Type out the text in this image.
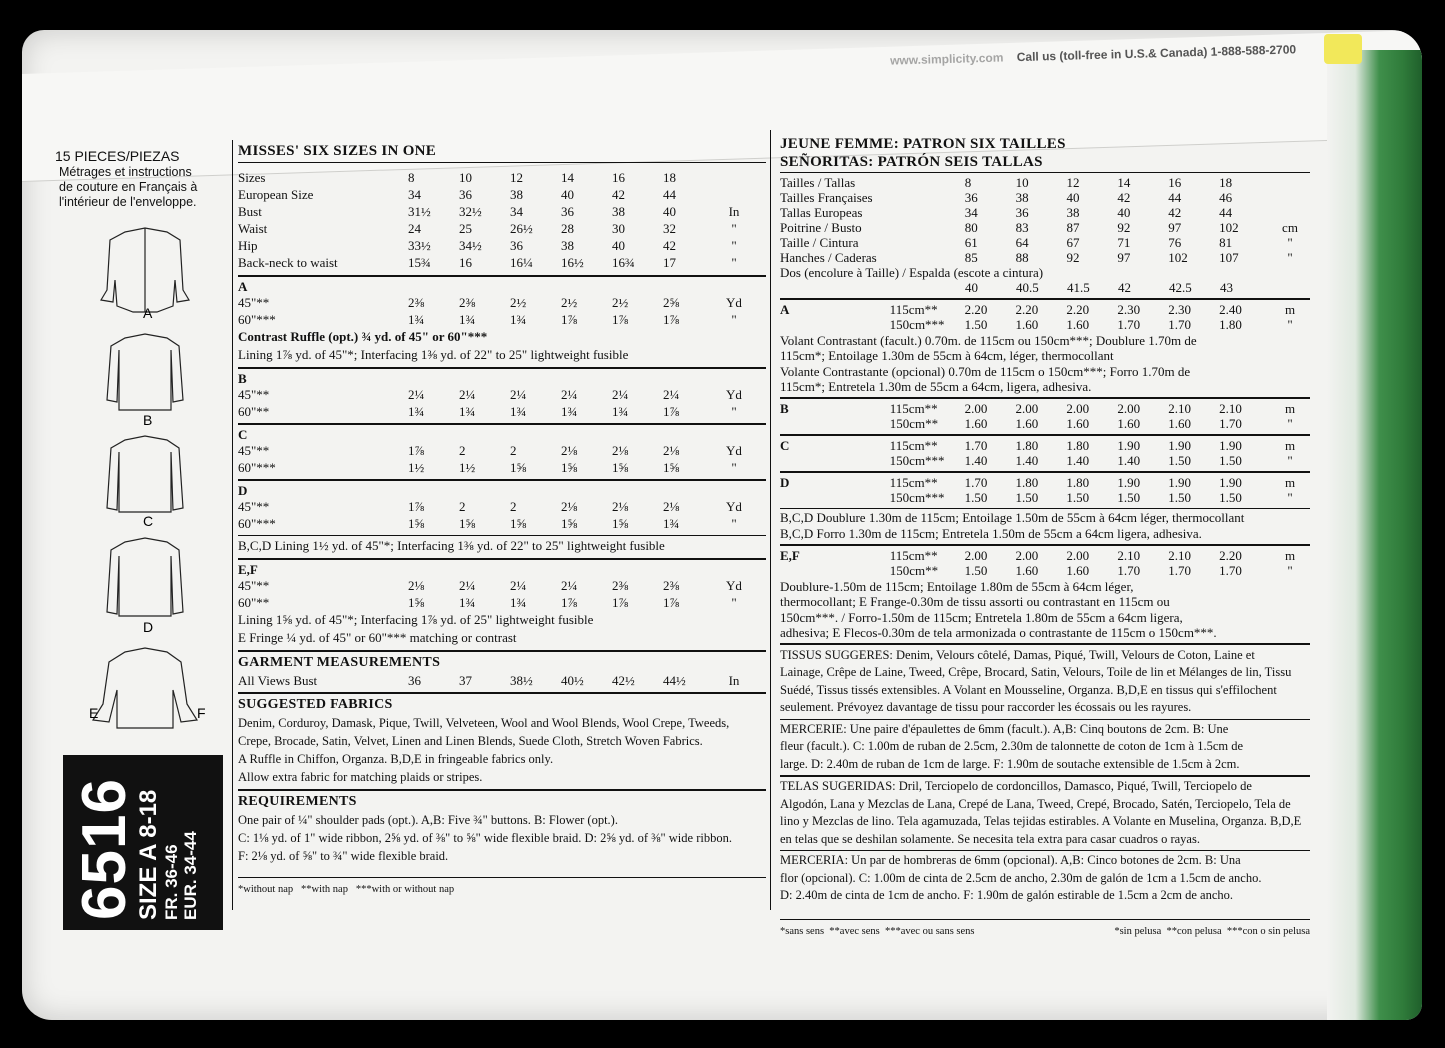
www.simplicity.com Call us (toll-free in U.S.& Canada) 1-888-588-2700
15 PIECES/PIEZAS
Métrages et instructions
de couture en Français à
l'intérieur de l'enveloppe.
A
B
C
D
E	F
6516
SIZE A 8-18 FR. 36-46 EUR. 34-44
MISSES' SIX SIZES IN ONE
Sizes	8	10	12	14	16	18	
European Size	34	36	38	40	42	44	
Bust	31½	32½	34	36	38	40	In
Waist	24	25	26½	28	30	32	"
Hip	33½	34½	36	38	40	42	"
Back-neck to waist	15¾	16	16¼	16½	16¾	17	"
A
45"**	2⅜	2⅜	2½	2½	2½	2⅝	Yd
60"***	1¾	1¾	1¾	1⅞	1⅞	1⅞	"
Contrast Ruffle (opt.) ¾ yd. of 45" or 60"***
Lining 1⅞ yd. of 45"*; Interfacing 1⅜ yd. of 22" to 25" lightweight fusible
B
45"**	2¼	2¼	2¼	2¼	2¼	2¼	Yd
60"**	1¾	1¾	1¾	1¾	1¾	1⅞	"
C
45"**	1⅞	2	2	2⅛	2⅛	2⅛	Yd
60"***	1½	1½	1⅝	1⅝	1⅝	1⅝	"
D
45"**	1⅞	2	2	2⅛	2⅛	2⅛	Yd
60"***	1⅝	1⅝	1⅝	1⅝	1⅝	1¾	"
B,C,D Lining 1½ yd. of 45"*; Interfacing 1⅜ yd. of 22" to 25" lightweight fusible
E,F
45"**	2⅛	2¼	2¼	2¼	2⅜	2⅜	Yd
60"**	1⅝	1¾	1¾	1⅞	1⅞	1⅞	"
Lining 1⅝ yd. of 45"*; Interfacing 1⅞ yd. of 25" lightweight fusible
E Fringe ¼ yd. of 45" or 60"*** matching or contrast
GARMENT MEASUREMENTS
All Views Bust	36	37	38½	40½	42½	44½	In
SUGGESTED FABRICS
Denim, Corduroy, Damask, Pique, Twill, Velveteen, Wool and Wool Blends, Wool Crepe, Tweeds,
Crepe, Brocade, Satin, Velvet, Linen and Linen Blends, Suede Cloth, Stretch Woven Fabrics.
A Ruffle in Chiffon, Organza. B,D,E in fringeable fabrics only.
Allow extra fabric for matching plaids or stripes.
REQUIREMENTS
One pair of ¼" shoulder pads (opt.). A,B: Five ¾" buttons. B: Flower (opt.).
C: 1⅛ yd. of 1" wide ribbon, 2⅝ yd. of ⅜" to ⅝" wide flexible braid. D: 2⅝ yd. of ⅜" wide ribbon.
F: 2⅛ yd. of ⅝" to ¾" wide flexible braid.
*without nap   **with nap   ***with or without nap
JEUNE FEMME: PATRON SIX TAILLES
SEÑORITAS: PATRÓN SEIS TALLAS
Tailles / Tallas	8	10	12	14	16	18	
Tailles Françaises	36	38	40	42	44	46	
Tallas Europeas	34	36	38	40	42	44	
Poitrine / Busto	80	83	87	92	97	102	cm
Taille / Cintura	61	64	67	71	76	81	"
Hanches / Caderas	85	88	92	97	102	107	"
Dos (encolure à Taille) / Espalda (escote a cintura)
	40	40.5	41.5	42	42.5	43
A	115cm**	2.20	2.20	2.20	2.30	2.30	2.40	m
	150cm***	1.50	1.60	1.60	1.70	1.70	1.80	"
Volant Contrastant (facult.) 0.70m. de 115cm ou 150cm***; Doublure 1.70m de
115cm*; Entoilage 1.30m de 55cm à 64cm, léger, thermocollant
Volante Contrastante (opcional) 0.70m de 115cm o 150cm***; Forro 1.70m de
115cm*; Entretela 1.30m de 55cm a 64cm, ligera, adhesiva.
B	115cm**	2.00	2.00	2.00	2.00	2.10	2.10	m
	150cm**	1.60	1.60	1.60	1.60	1.60	1.70	"
C	115cm**	1.70	1.80	1.80	1.90	1.90	1.90	m
	150cm***	1.40	1.40	1.40	1.40	1.50	1.50	"
D	115cm**	1.70	1.80	1.80	1.90	1.90	1.90	m
	150cm***	1.50	1.50	1.50	1.50	1.50	1.50	"
B,C,D Doublure 1.30m de 115cm; Entoilage 1.50m de 55cm à 64cm léger, thermocollant
B,C,D Forro 1.30m de 115cm; Entretela 1.50m de 55cm a 64cm ligera, adhesiva.
E,F	115cm**	2.00	2.00	2.00	2.10	2.10	2.20	m
	150cm**	1.50	1.60	1.60	1.70	1.70	1.70	"
Doublure-1.50m de 115cm; Entoilage 1.80m de 55cm à 64cm léger,
thermocollant; E Frange-0.30m de tissu assorti ou contrastant en 115cm ou
150cm***. / Forro-1.50m de 115cm; Entretela 1.80m de 55cm a 64cm ligera,
adhesiva; E Flecos-0.30m de tela armonizada o contrastante de 115cm o 150cm***.
TISSUS SUGGERES: Denim, Velours côtelé, Damas, Piqué, Twill, Velours de Coton, Laine et
Lainage, Crêpe de Laine, Tweed, Crêpe, Brocard, Satin, Velours, Toile de lin et Mélanges de lin, Tissu
Suédé, Tissus tissés extensibles. A Volant en Mousseline, Organza. B,D,E en tissus qui s'effilochent
seulement. Prévoyez davantage de tissu pour raccorder les écossais ou les rayures.
MERCERIE: Une paire d'épaulettes de 6mm (facult.). A,B: Cinq boutons de 2cm. B: Une
fleur (facult.). C: 1.00m de ruban de 2.5cm, 2.30m de talonnette de coton de 1cm à 1.5cm de
large. D: 2.40m de ruban de 1cm de large. F: 1.90m de soutache extensible de 1.5cm à 2cm.
TELAS SUGERIDAS: Dril, Terciopelo de cordoncillos, Damasco, Piqué, Twill, Terciopelo de
Algodón, Lana y Mezclas de Lana, Crepé de Lana, Tweed, Crepé, Brocado, Satén, Terciopelo, Tela de
lino y Mezclas de lino. Tela agamuzada, Telas tejidas estirables. A Volante en Muselina, Organza. B,D,E
en telas que se deshilan solamente. Se necesita tela extra para casar cuadros o rayas.
MERCERIA: Un par de hombreras de 6mm (opcional). A,B: Cinco botones de 2cm. B: Una
flor (opcional). C: 1.00m de cinta de 2.5cm de ancho, 2.30m de galón de 1cm a 1.5cm de ancho.
D: 2.40m de cinta de 1cm de ancho. F: 1.90m de galón estirable de 1.5cm a 2cm de ancho.
*sans sens  **avec sens  ***avec ou sans sens	*sin pelusa  **con pelusa  ***con o sin pelusa
